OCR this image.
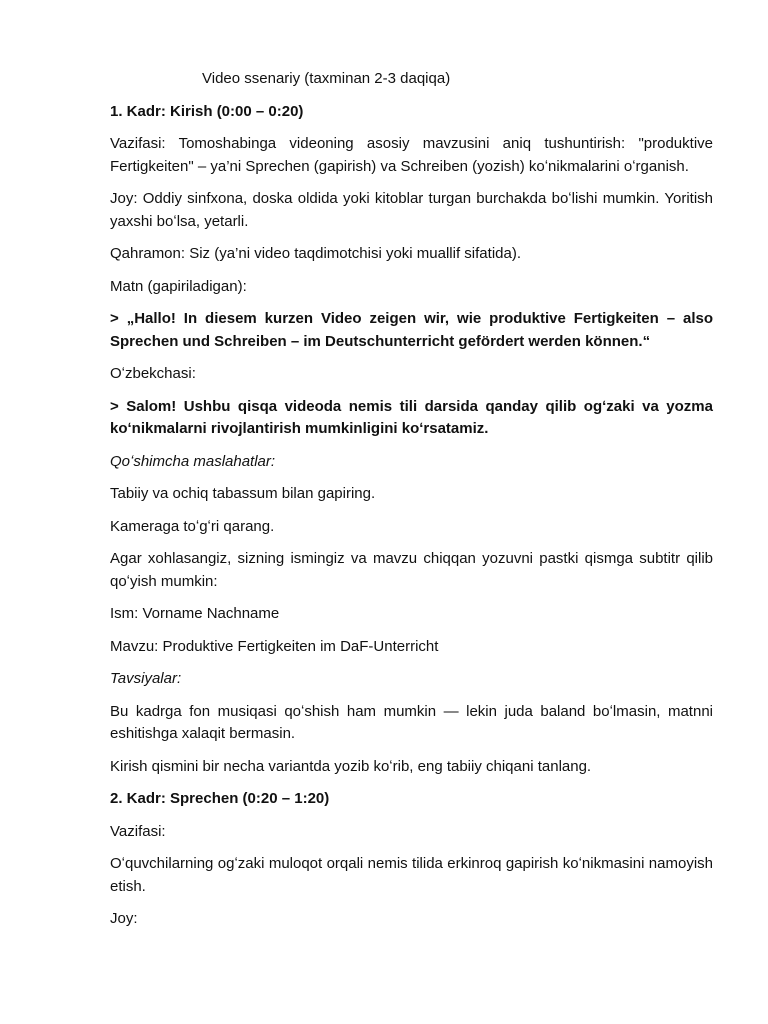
Video ssenariy (taxminan 2-3 daqiqa)

1. Kadr: Kirish (0:00 – 0:20)

Vazifasi: Tomoshabinga videoning asosiy mavzusini aniq tushuntirish: "produktive Fertigkeiten" – ya’ni Sprechen (gapirish) va Schreiben (yozish) koʻnikmalarini oʻrganish.

Joy: Oddiy sinfxona, doska oldida yoki kitoblar turgan burchakda boʻlishi mumkin. Yoritish yaxshi boʻlsa, yetarli.

Qahramon: Siz (ya’ni video taqdimotchisi yoki muallif sifatida).

Matn (gapiriladigan):

> „Hallo! In diesem kurzen Video zeigen wir, wie produktive Fertigkeiten – also Sprechen und Schreiben – im Deutschunterricht gefördert werden können.“

Oʻzbekchasi:

> Salom! Ushbu qisqa videoda nemis tili darsida qanday qilib ogʻzaki va yozma koʻnikmalarni rivojlantirish mumkinligini koʻrsatamiz.

Qoʻshimcha maslahatlar:

Tabiiy va ochiq tabassum bilan gapiring.

Kameraga toʻgʻri qarang.

Agar xohlasangiz, sizning ismingiz va mavzu chiqqan yozuvni pastki qismga subtitr qilib qoʻyish mumkin:

Ism: Vorname Nachname

Mavzu: Produktive Fertigkeiten im DaF-Unterricht

Tavsiyalar:

Bu kadrga fon musiqasi qoʻshish ham mumkin — lekin juda baland boʻlmasin, matnni eshitishga xalaqit bermasin.

Kirish qismini bir necha variantda yozib koʻrib, eng tabiiy chiqani tanlang.

2. Kadr: Sprechen (0:20 – 1:20)

Vazifasi:

Oʻquvchilarning ogʻzaki muloqot orqali nemis tilida erkinroq gapirish koʻnikmasini namoyish etish.

Joy:
